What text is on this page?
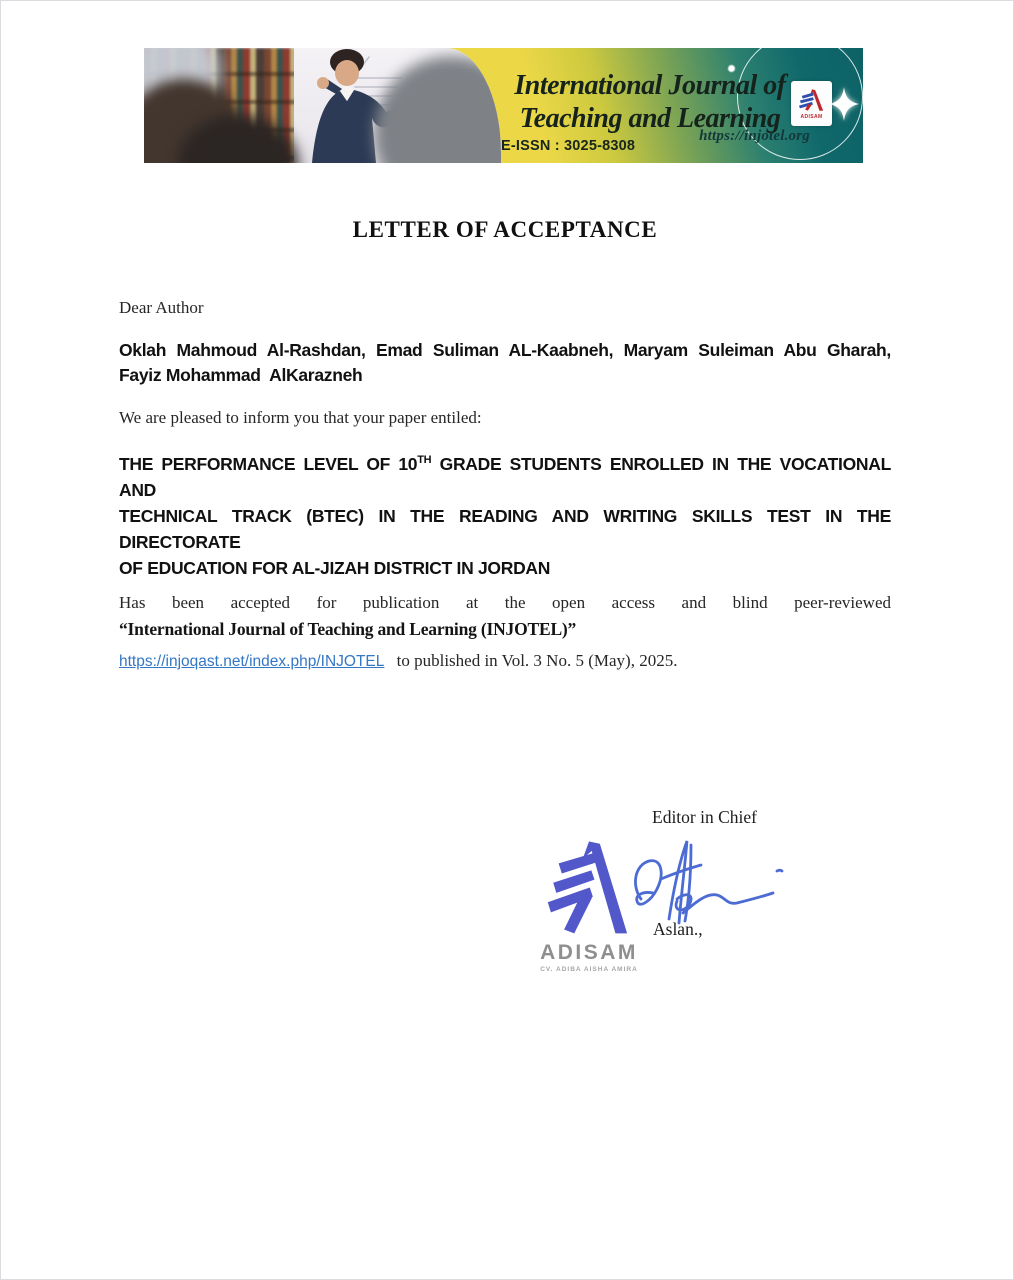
International Journal of
Teaching and Learning
https://injotel.org
E-ISSN : 3025-8308
ADISAM
LETTER OF ACCEPTANCE
Dear Author
Oklah Mahmoud Al-Rashdan, Emad Suliman AL-Kaabneh, Maryam Suleiman Abu Gharah,
Fayiz Mohammad  AlKarazneh
We are pleased to inform you that your paper entiled:
THE PERFORMANCE LEVEL OF 10TH GRADE STUDENTS ENROLLED IN THE VOCATIONAL AND
TECHNICAL TRACK (BTEC) IN THE READING AND WRITING SKILLS TEST IN THE DIRECTORATE
OF EDUCATION FOR AL-JIZAH DISTRICT IN JORDAN
Has been accepted for publication at the open access and blind peer-reviewed
“International Journal of Teaching and Learning (INJOTEL)”
https://injoqast.net/index.php/INJOTEL to published in Vol. 3 No. 5 (May), 2025.
Editor in Chief
ADISAM
CV. ADIBA AISHA AMIRA
Aslan.,
